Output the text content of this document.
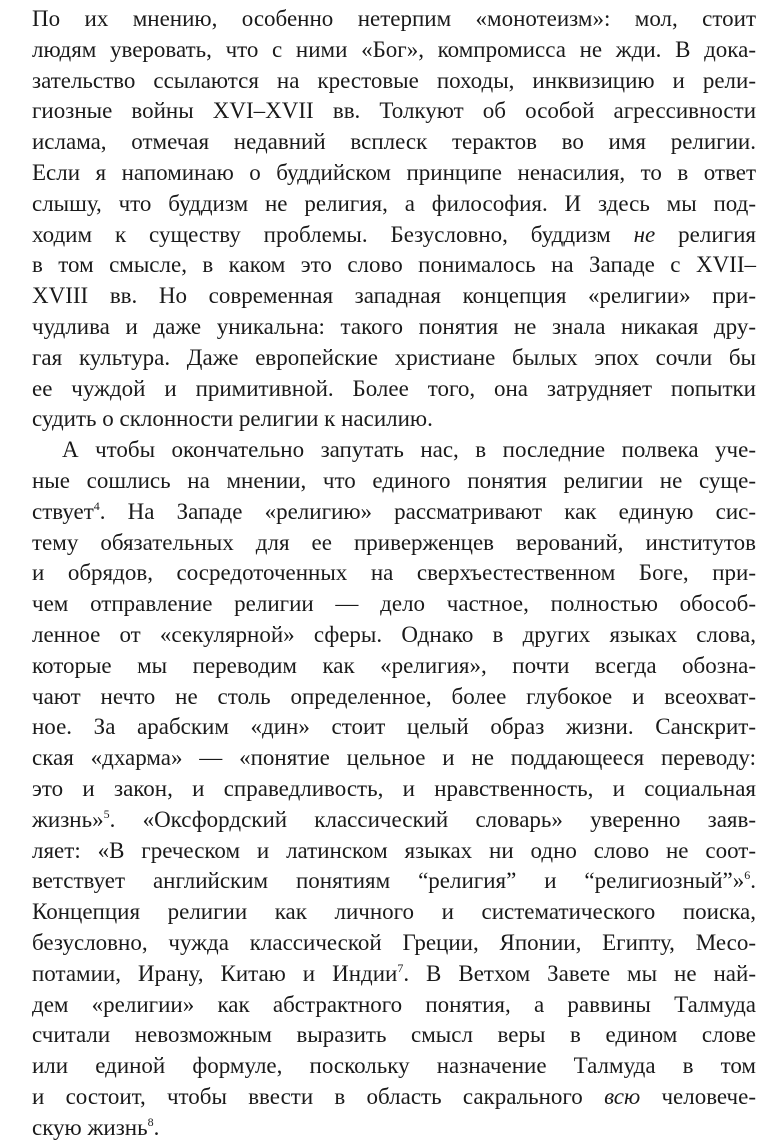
По их мнению, особенно нетерпим «монотеизм»: мол, стоит
людям уверовать, что с ними «Бог», компромисса не жди. В дока-
зательство ссылаются на крестовые походы, инквизицию и рели-
гиозные войны XVI–XVII вв. Толкуют об особой агрессивности
ислама, отмечая недавний всплеск терактов во имя религии.
Если я напоминаю о буддийском принципе ненасилия, то в ответ
слышу, что буддизм не религия, а философия. И здесь мы под-
ходим к существу проблемы. Безусловно, буддизм не религия
в том смысле, в каком это слово понималось на Западе с XVII–
XVIII вв. Но современная западная концепция «религии» при-
чудлива и даже уникальна: такого понятия не знала никакая дру-
гая культура. Даже европейские христиане былых эпох сочли бы
ее чуждой и примитивной. Более того, она затрудняет попытки
судить о склонности религии к насилию.
А чтобы окончательно запутать нас, в последние полвека уче-
ные сошлись на мнении, что единого понятия религии не суще-
ствует$^4$. На Западе «религию» рассматривают как единую сис-
тему обязательных для ее приверженцев верований, институтов
и обрядов, сосредоточенных на сверхъестественном Боге, при-
чем отправление религии — дело частное, полностью обособ-
ленное от «секулярной» сферы. Однако в других языках слова,
которые мы переводим как «религия», почти всегда обозна-
чают нечто не столь определенное, более глубокое и всеохват-
ное. За арабским «дин» стоит целый образ жизни. Санскрит-
ская «дхарма» — «понятие цельное и не поддающееся переводу:
это и закон, и справедливость, и нравственность, и социальная
жизнь»$^5$. «Оксфордский классический словарь» уверенно заяв-
ляет: «В греческом и латинском языках ни одно слово не соот-
ветствует английским понятиям “религия” и “религиозный”»$^6$.
Концепция религии как личного и систематического поиска,
безусловно, чужда классической Греции, Японии, Египту, Месо-
потамии, Ирану, Китаю и Индии$^7$. В Ветхом Завете мы не най-
дем «религии» как абстрактного понятия, а раввины Талмуда
считали невозможным выразить смысл веры в едином слове
или единой формуле, поскольку назначение Талмуда в том
и состоит, чтобы ввести в область сакрального всю человече-
скую жизнь$^8$.
